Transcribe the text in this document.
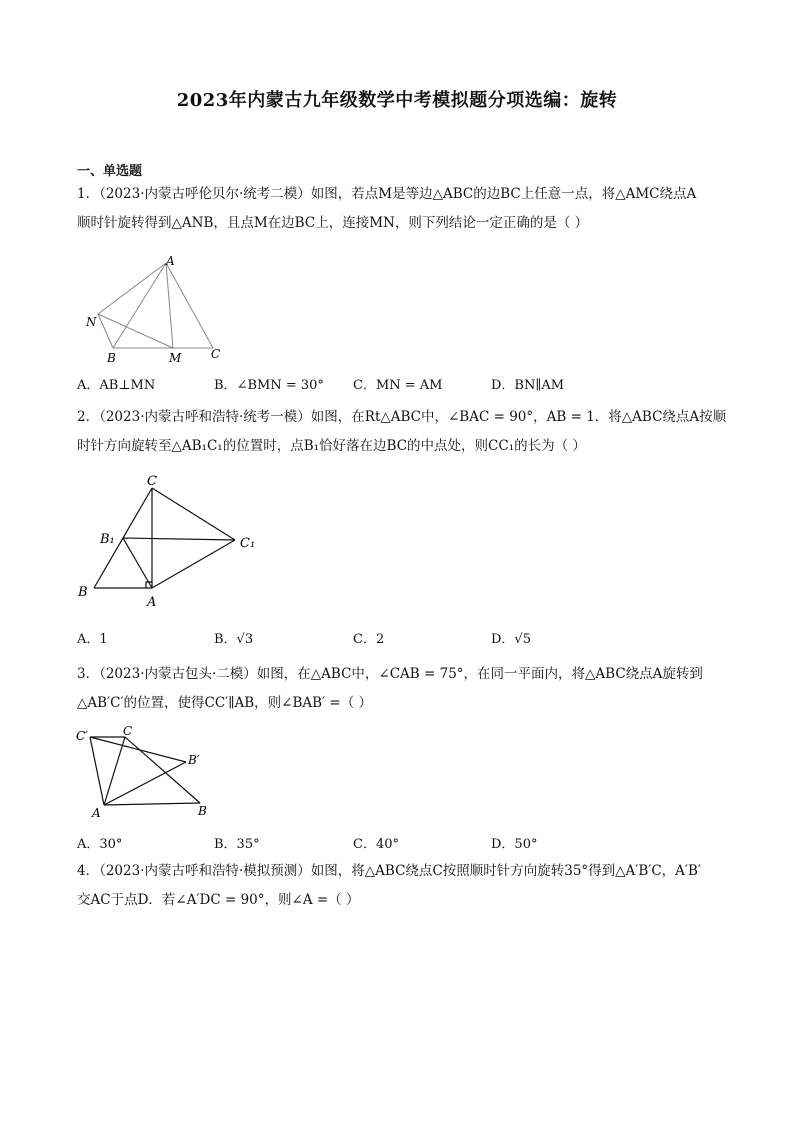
2023年内蒙古九年级数学中考模拟题分项选编：旋转
一、单选题
1．（2023·内蒙古呼伦贝尔·统考二模）如图，若点M是等边△ABC的边BC上任意一点，将△AMC绕点A
顺时针旋转得到△ANB，且点M在边BC上，连接MN，则下列结论一定正确的是（ ）
A
N
B	M C
A．AB⊥MN	B．∠BMN = 30° C．MN = AM	D．BN∥AM
2．（2023·内蒙古呼和浩特·统考一模）如图，在Rt△ABC中，∠BAC = 90°，AB = 1．将△ABC绕点A按顺
时针方向旋转至△AB₁C₁的位置时，点B₁恰好落在边BC的中点处，则CC₁的长为（ ）
C
B₁	C₁
B
A
A．1	B．√3	C．2	D．√5
3．（2023·内蒙古包头·二模）如图，在△ABC中，∠CAB = 75°，在同一平面内，将△ABC绕点A旋转到
△AB′C′的位置，使得CC′∥AB，则∠BAB′ =（ ）
C′	C
B′
A	B
A．30°	B．35°	C．40°	D．50°
4．（2023·内蒙古呼和浩特·模拟预测）如图，将△ABC绕点C按照顺时针方向旋转35°得到△A′B′C，A′B′
交AC于点D．若∠A′DC = 90°，则∠A =（ ）
